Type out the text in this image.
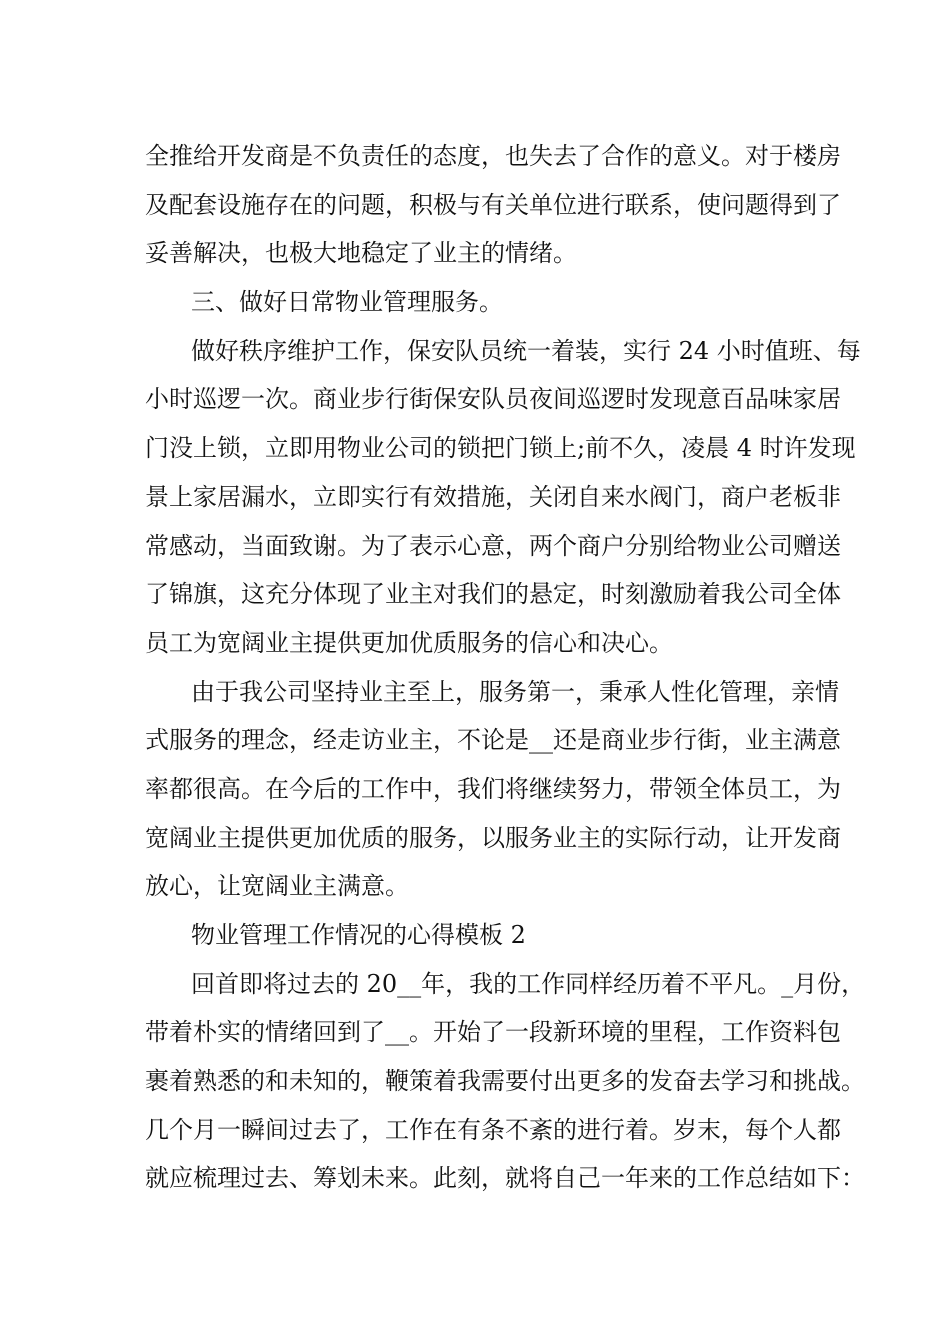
全推给开发商是不负责任的态度，也失去了合作的意义。对于楼房
及配套设施存在的问题，积极与有关单位进行联系，使问题得到了
妥善解决，也极大地稳定了业主的情绪。
三、做好日常物业管理服务。
做好秩序维护工作，保安队员统一着装，实行 24 小时值班、每
小时巡逻一次。商业步行街保安队员夜间巡逻时发现意百品味家居
门没上锁，立即用物业公司的锁把门锁上;前不久，凌晨 4 时许发现
景上家居漏水，立即实行有效措施，关闭自来水阀门，商户老板非
常感动，当面致谢。为了表示心意，两个商户分别给物业公司赠送
了锦旗，这充分体现了业主对我们的悬定，时刻激励着我公司全体
员工为宽阔业主提供更加优质服务的信心和决心。
由于我公司坚持业主至上，服务第一，秉承人性化管理，亲情
式服务的理念，经走访业主，不论是__还是商业步行街，业主满意
率都很高。在今后的工作中，我们将继续努力，带领全体员工，为
宽阔业主提供更加优质的服务，以服务业主的实际行动，让开发商
放心，让宽阔业主满意。
物业管理工作情况的心得模板 2
回首即将过去的 20__年，我的工作同样经历着不平凡。_月份，
带着朴实的情绪回到了__。开始了一段新环境的里程，工作资料包
裹着熟悉的和未知的，鞭策着我需要付出更多的发奋去学习和挑战。
几个月一瞬间过去了，工作在有条不紊的进行着。岁末，每个人都
就应梳理过去、筹划未来。此刻，就将自己一年来的工作总结如下：
